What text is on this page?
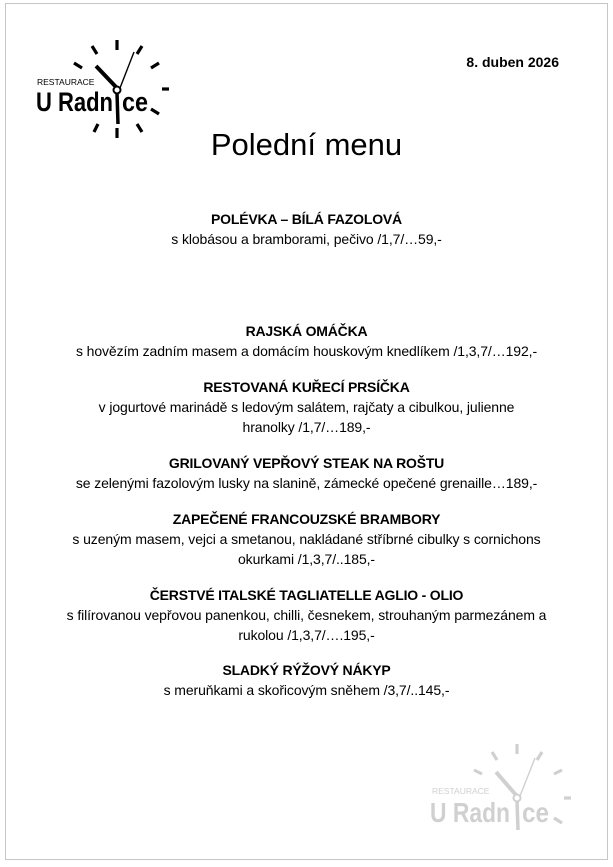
RESTAURACE
U Radn ce
8. duben 2026
Polední menu
POLÉVKA – BÍLÁ FAZOLOVÁ
s klobásou a bramborami, pečivo /1,7/…59,-
RAJSKÁ OMÁČKA
s hovězím zadním masem a domácím houskovým knedlíkem /1,3,7/…192,-
RESTOVANÁ KUŘECÍ PRSÍČKA
v jogurtové marinádě s ledovým salátem, rajčaty a cibulkou, julienne hranolky /1,7/…189,-
GRILOVANÝ VEPŘOVÝ STEAK NA ROŠTU
se zelenými fazolovým lusky na slanině, zámecké opečené grenaille…189,-
ZAPEČENÉ FRANCOUZSKÉ BRAMBORY
s uzeným masem, vejci a smetanou, nakládané stříbrné cibulky s cornichons okurkami /1,3,7/..185,-
ČERSTVÉ ITALSKÉ TAGLIATELLE AGLIO - OLIO
s filírovanou vepřovou panenkou, chilli, česnekem, strouhaným parmezánem a rukolou /1,3,7/….195,-
SLADKÝ RÝŽOVÝ NÁKYP
s meruňkami a skořicovým sněhem /3,7/..145,-
RESTAURACE
U Radn ce
